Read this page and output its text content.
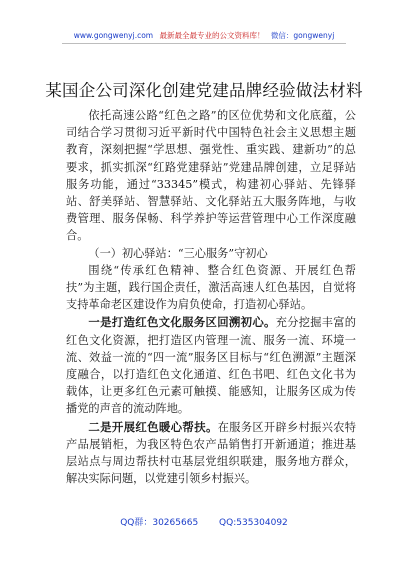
www.gongwenyj.com 最新最全最专业的公文资料库！ 微信：gongwenyj
某国企公司深化创建党建品牌经验做法材料

依托高速公路“红色之路”的区位优势和文化底蕴，公司结合学习贯彻习近平新时代中国特色社会主义思想主题教育，深刻把握“学思想、强党性、重实践、建新功”的总要求，抓实抓深“红路党建驿站”党建品牌创建，立足驿站服务功能，通过“33345”模式，构建初心驿站、先锋驿站、舒美驿站、智慧驿站、文化驿站五大服务阵地，与收费管理、服务保畅、科学养护等运营管理中心工作深度融合。

（一）初心驿站：“三心服务”守初心

围绕“传承红色精神、整合红色资源、开展红色帮扶”为主题，践行国企责任，激活高速人红色基因，自觉将支持革命老区建设作为肩负使命，打造初心驿站。

一是打造红色文化服务区回溯初心。充分挖掘丰富的红色文化资源，把打造区内管理一流、服务一流、环境一流、效益一流的“四一流”服务区目标与“红色溯源”主题深度融合，以打造红色文化通道、红色书吧、红色文化书为载体，让更多红色元素可触摸、能感知，让服务区成为传播党的声音的流动阵地。

二是开展红色暖心帮扶。在服务区开辟乡村振兴农特产品展销柜，为我区特色农产品销售打开新通道；推进基层站点与周边帮扶村屯基层党组织联建，服务地方群众，解决实际问题，以党建引领乡村振兴。

QQ群：30265665 QQ:535304092
